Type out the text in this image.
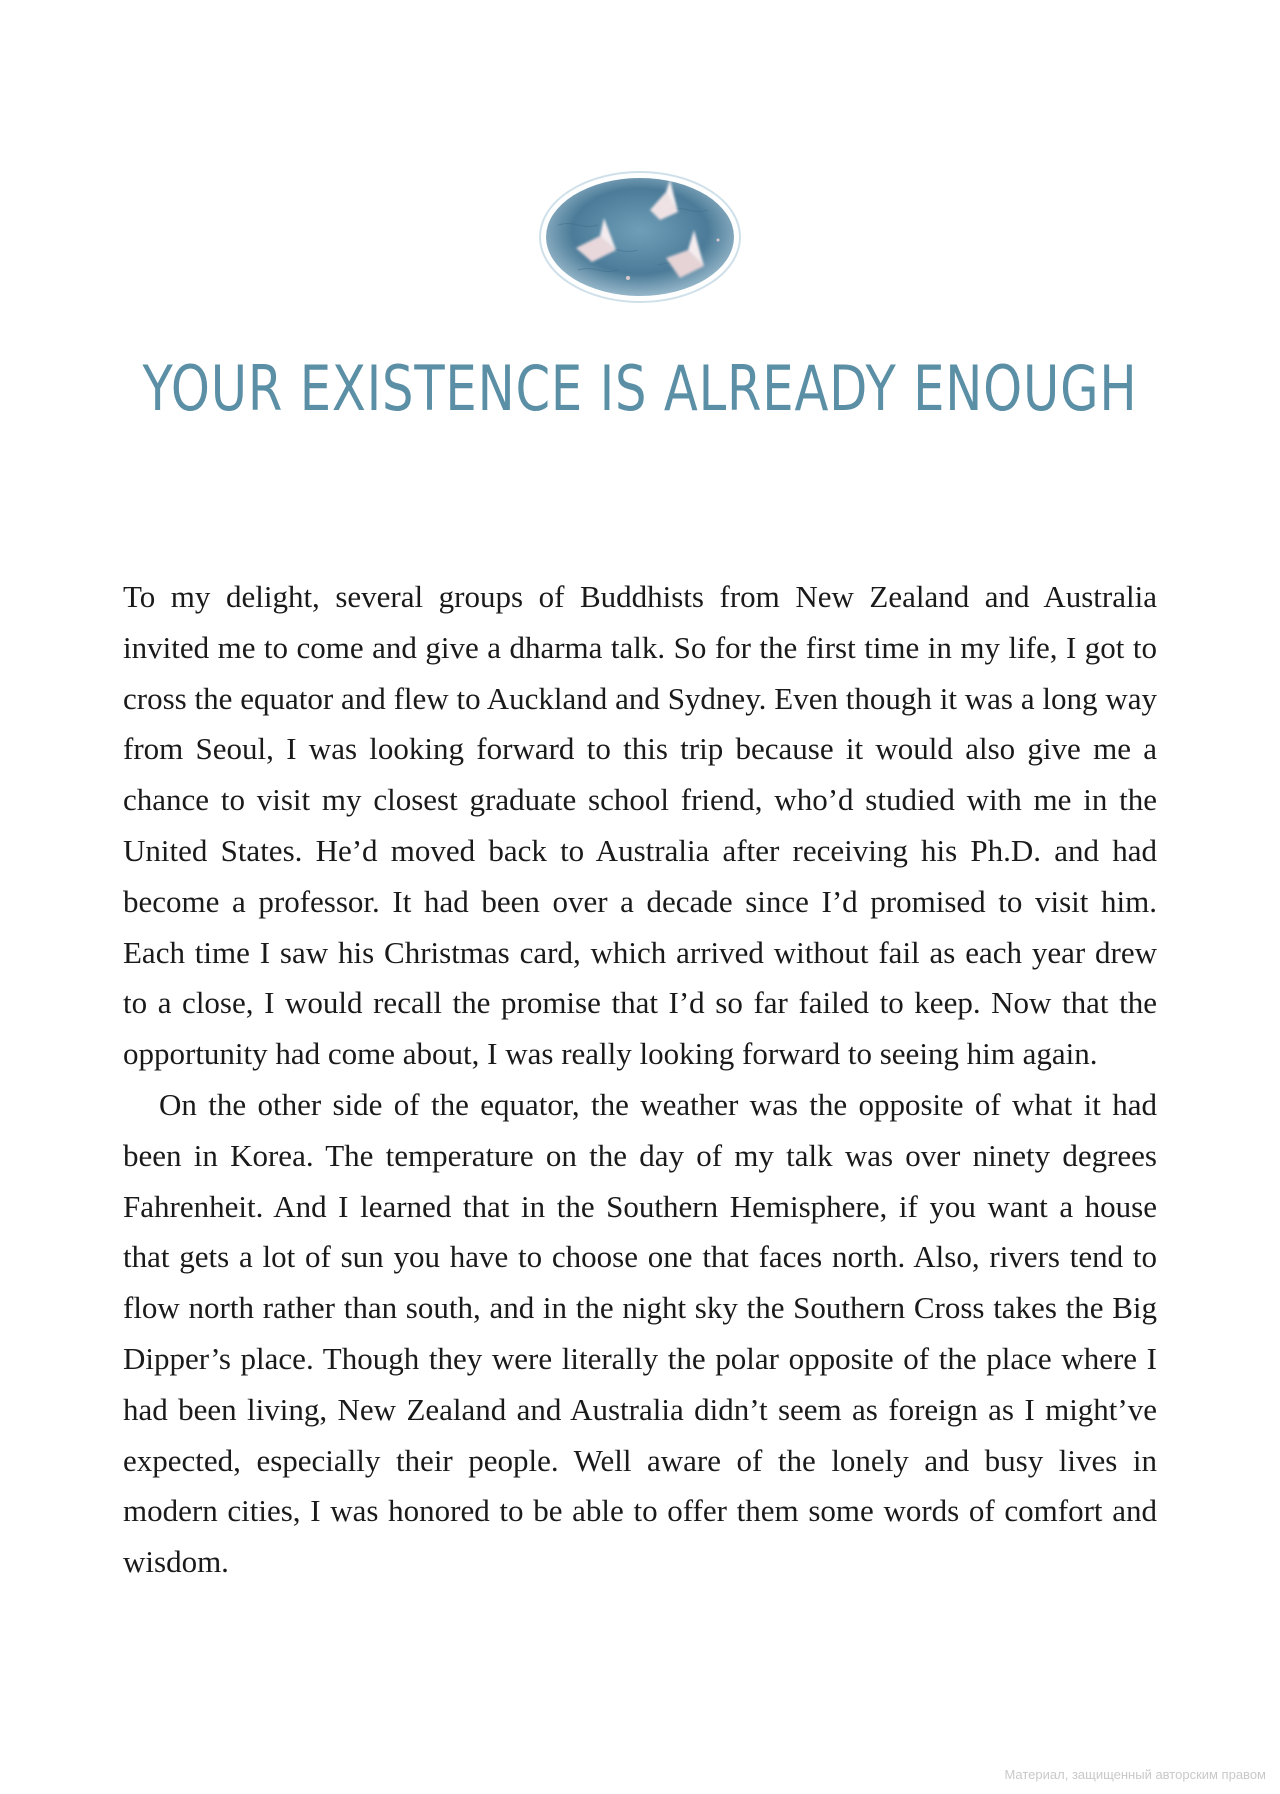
YOUR EXISTENCE IS ALREADY ENOUGH

To my delight, several groups of Buddhists from New Zealand and Australia invited me to come and give a dharma talk. So for the first time in my life, I got to cross the equator and flew to Auckland and Sydney. Even though it was a long way from Seoul, I was looking forward to this trip because it would also give me a chance to visit my closest graduate school friend, who’d studied with me in the United States. He’d moved back to Australia after receiving his Ph.D. and had become a professor. It had been over a decade since I’d promised to visit him. Each time I saw his Christmas card, which arrived without fail as each year drew to a close, I would recall the promise that I’d so far failed to keep. Now that the opportunity had come about, I was really looking forward to seeing him again.

On the other side of the equator, the weather was the opposite of what it had been in Korea. The temperature on the day of my talk was over ninety degrees Fahrenheit. And I learned that in the Southern Hemisphere, if you want a house that gets a lot of sun you have to choose one that faces north. Also, rivers tend to flow north rather than south, and in the night sky the Southern Cross takes the Big Dipper’s place. Though they were literally the polar opposite of the place where I had been living, New Zealand and Australia didn’t seem as foreign as I might’ve expected, especially their people. Well aware of the lonely and busy lives in modern cities, I was honored to be able to offer them some words of comfort and wisdom.

Материал, защищенный авторским правом
